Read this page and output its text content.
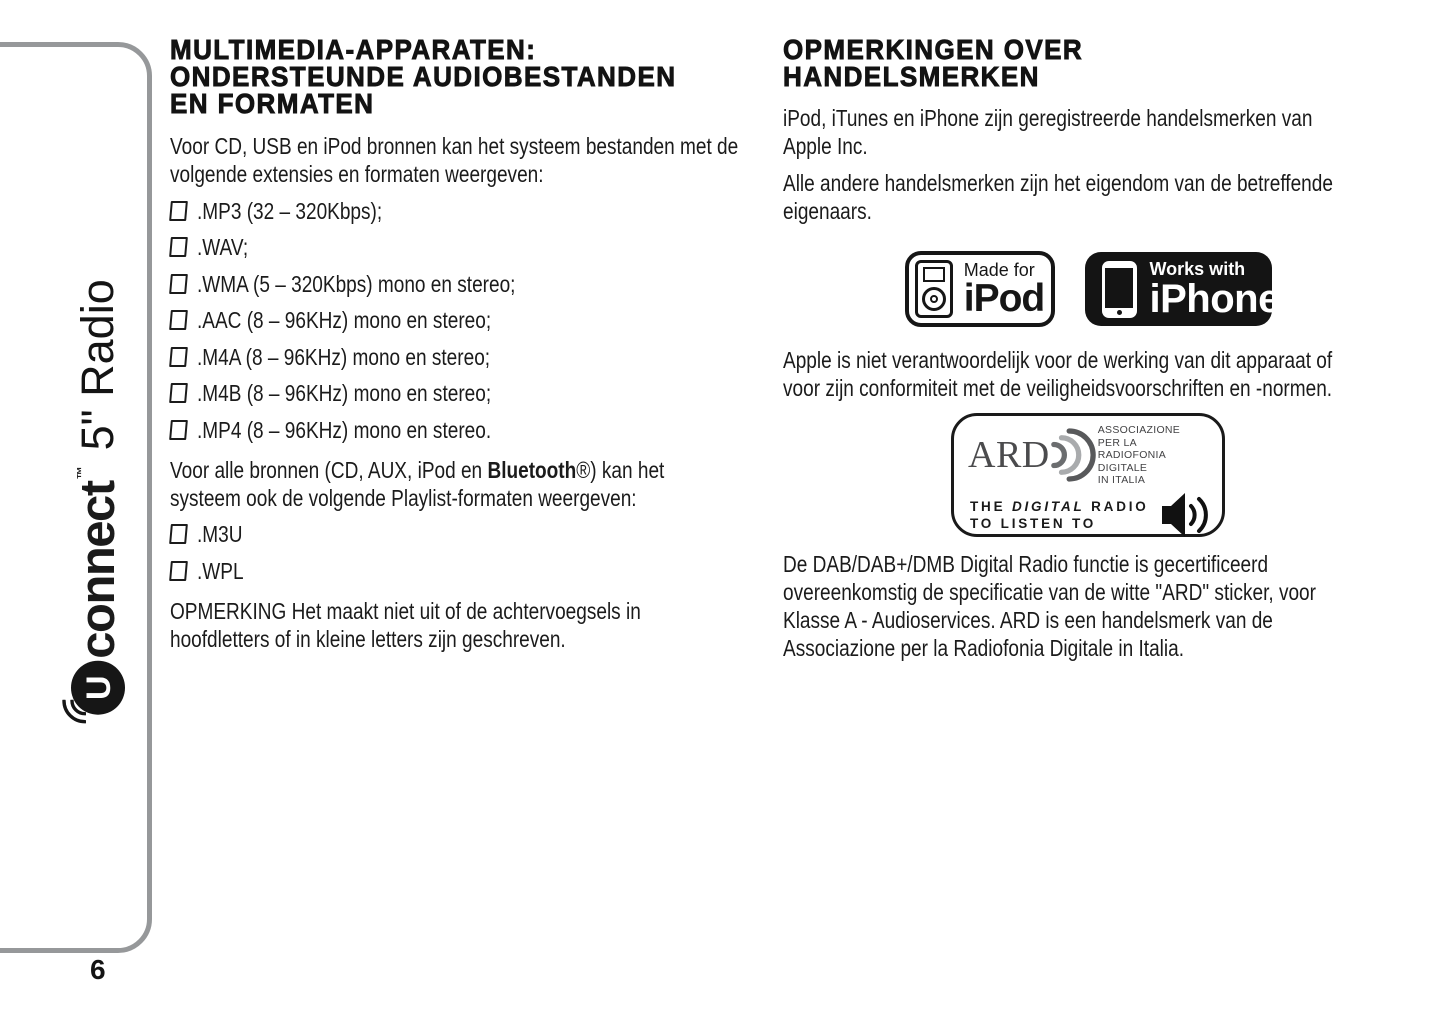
U
connect
™
5" Radio
6
MULTIMEDIA-APPARATEN:
ONDERSTEUNDE AUDIOBESTANDEN
EN FORMATEN
Voor CD, USB en iPod bronnen kan het systeem bestanden met de
volgende extensies en formaten weergeven:
.MP3 (32 – 320Kbps);
.WAV;
.WMA (5 – 320Kbps) mono en stereo;
.AAC (8 – 96KHz) mono en stereo;
.M4A (8 – 96KHz) mono en stereo;
.M4B (8 – 96KHz) mono en stereo;
.MP4 (8 – 96KHz) mono en stereo.
Voor alle bronnen (CD, AUX, iPod en Bluetooth®) kan het
systeem ook de volgende Playlist-formaten weergeven:
.M3U
.WPL
OPMERKING Het maakt niet uit of de achtervoegsels in
hoofdletters of in kleine letters zijn geschreven.
OPMERKINGEN OVER
HANDELSMERKEN
iPod, iTunes en iPhone zijn geregistreerde handelsmerken van
Apple Inc.
Alle andere handelsmerken zijn het eigendom van de betreffende
eigenaars.
Made for
iPod
Works with
iPhone
Apple is niet verantwoordelijk voor de werking van dit apparaat of
voor zijn conformiteit met de veiligheidsvoorschriften en -normen.
ARD
ASSOCIAZIONE
PER LA
RADIOFONIA DIGITALE
IN ITALIA
THE DIGITAL RADIO
TO LISTEN TO
De DAB/DAB+/DMB Digital Radio functie is gecertificeerd
overeenkomstig de specificatie van de witte "ARD" sticker, voor
Klasse A - Audioservices. ARD is een handelsmerk van de
Associazione per la Radiofonia Digitale in Italia.
